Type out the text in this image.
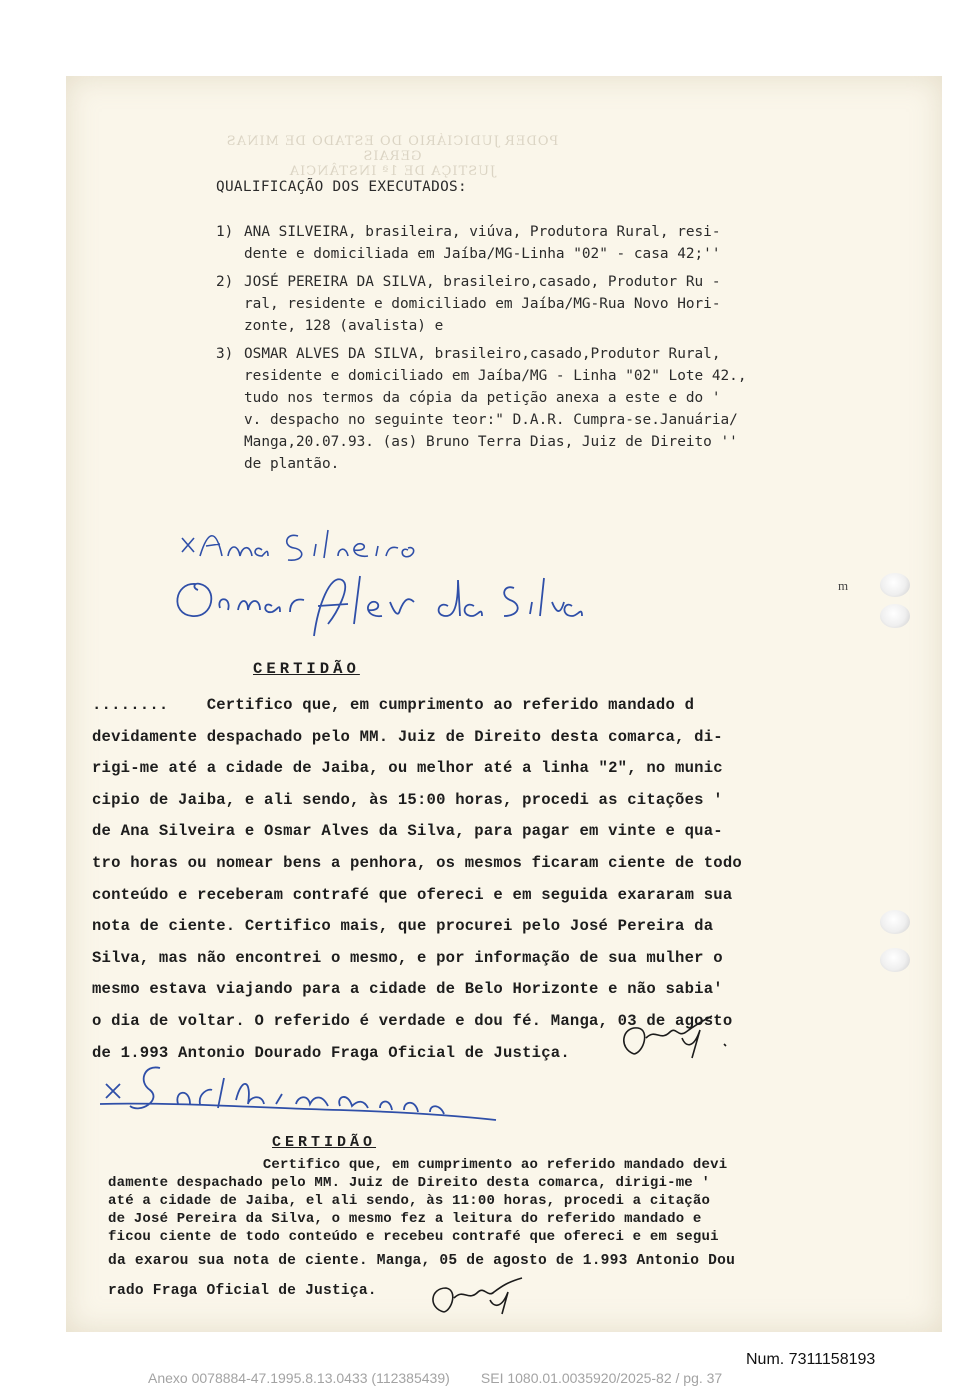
PODER JUDICIÁRIO DO ESTADO DE MINAS GERAIS
JUSTIÇA DE 1ª INSTÂNCIA
QUALIFICAÇÃO DOS EXECUTADOS:
1) ANA SILVEIRA, brasileira, viúva, Produtora Rural, resi-
dente e domiciliada em Jaíba/MG-Linha "02" - casa 42;''
2) JOSÉ PEREIRA DA SILVA, brasileiro,casado, Produtor Ru -
ral, residente e domiciliado em Jaíba/MG-Rua Novo Hori-
zonte, 128 (avalista) e
3) OSMAR ALVES DA SILVA, brasileiro,casado,Produtor Rural,
residente e domiciliado em Jaíba/MG - Linha "02" Lote 42.,
tudo nos termos da cópia da petição anexa a este e do '
v. despacho no seguinte teor:" D.A.R. Cumpra-se.Januária/
Manga,20.07.93. (as) Bruno Terra Dias, Juiz de Direito ''
de plantão.
m
CERTIDÃO
........    Certifico que, em cumprimento ao referido mandado d
devidamente despachado pelo MM. Juiz de Direito desta comarca, di-
rigi-me até a cidade de Jaiba, ou melhor até a linha "2", no munic
cipio de Jaiba, e ali sendo, às 15:00 horas, procedi as citações '
de Ana Silveira e Osmar Alves da Silva, para pagar em vinte e qua-
tro horas ou nomear bens a penhora, os mesmos ficaram ciente de todo
conteúdo e receberam contrafé que ofereci e em seguida exararam sua
nota de ciente. Certifico mais, que procurei pelo José Pereira da
Silva, mas não encontrei o mesmo, e por informação de sua mulher o
mesmo estava viajando para a cidade de Belo Horizonte e não sabia'
o dia de voltar. O referido é verdade e dou fé. Manga, 03 de agosto
de 1.993 Antonio Dourado Fraga Oficial de Justiça.
CERTIDÃO
Certifico que, em cumprimento ao referido mandado devi
damente despachado pelo MM. Juiz de Direito desta comarca, dirigi-me '
até a cidade de Jaiba, el ali sendo, às 11:00 horas, procedi a citação
de José Pereira da Silva, o mesmo fez a leitura do referido mandado e
ficou ciente de todo conteúdo e recebeu contrafé que ofereci e em segui
da exarou sua nota de ciente. Manga, 05 de agosto de 1.993 Antonio Dou
rado Fraga Oficial de Justiça.
Num. 7311158193
Anexo 0078884-47.1995.8.13.0433 (112385439)        SEI 1080.01.0035920/2025-82 / pg. 37
